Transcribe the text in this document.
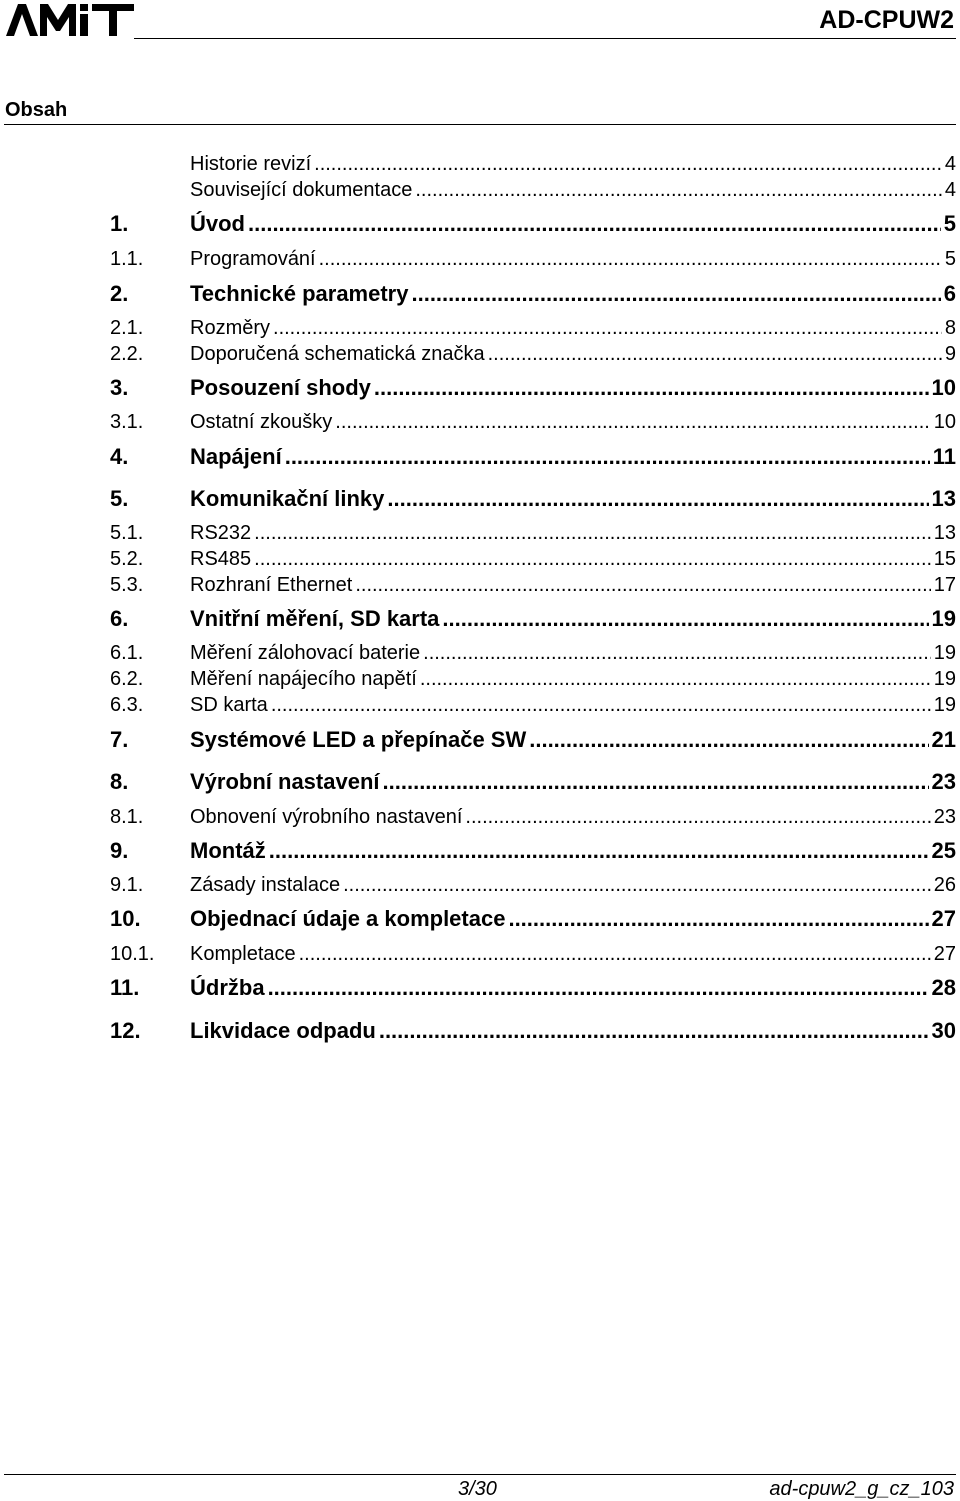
AD-CPUW2
Obsah
Historie revizí .....	4
Související dokumentace .....	4
1.	Úvod .....	5
1.1.	Programování .....	5
2.	Technické parametry .....	6
2.1.	Rozměry .....	8
2.2.	Doporučená schematická značka .....	9
3.	Posouzení shody .....	10
3.1.	Ostatní zkoušky .....	10
4.	Napájení .....	11
5.	Komunikační linky .....	13
5.1.	RS232 .....	13
5.2.	RS485 .....	15
5.3.	Rozhraní Ethernet .....	17
6.	Vnitřní měření, SD karta .....	19
6.1.	Měření zálohovací baterie .....	19
6.2.	Měření napájecího napětí .....	19
6.3.	SD karta .....	19
7.	Systémové LED a přepínače SW .....	21
8.	Výrobní nastavení .....	23
8.1.	Obnovení výrobního nastavení .....	23
9.	Montáž .....	25
9.1.	Zásady instalace .....	26
10.	Objednací údaje a kompletace .....	27
10.1.	Kompletace .....	27
11.	Údržba .....	28
12.	Likvidace odpadu .....	30
3/30	ad-cpuw2_g_cz_103
